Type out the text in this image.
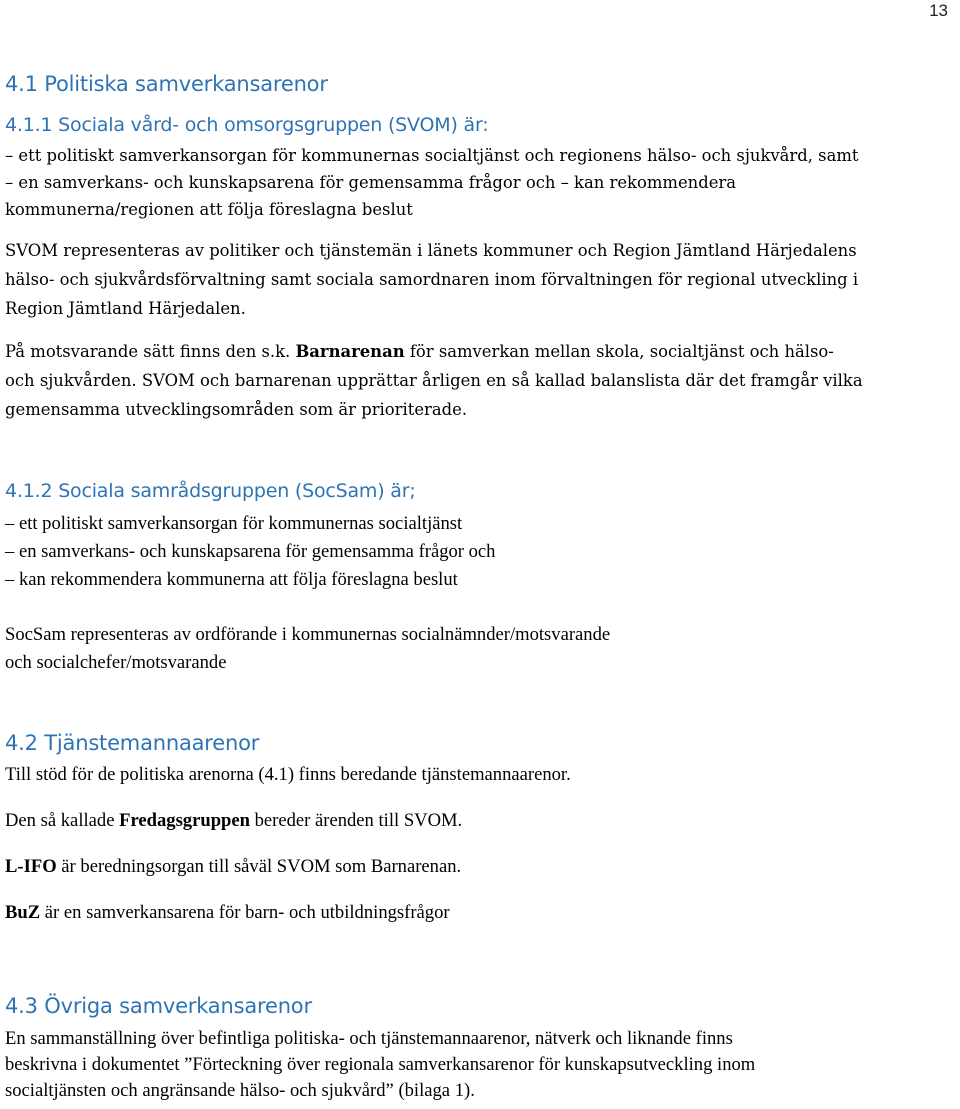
13
4.1 Politiska samverkansarenor
4.1.1 Sociala vård- och omsorgsgruppen (SVOM) är:
– ett politiskt samverkansorgan för kommunernas socialtjänst och regionens hälso- och sjukvård, samt
– en samverkans- och kunskapsarena för gemensamma frågor och – kan rekommendera
kommunerna/regionen att följa föreslagna beslut
SVOM representeras av politiker och tjänstemän i länets kommuner och Region Jämtland Härjedalens
hälso- och sjukvårdsförvaltning samt sociala samordnaren inom förvaltningen för regional utveckling i
Region Jämtland Härjedalen.
På motsvarande sätt finns den s.k. Barnarenan för samverkan mellan skola, socialtjänst och hälso-
och sjukvården. SVOM och barnarenan upprättar årligen en så kallad balanslista där det framgår vilka
gemensamma utvecklingsområden som är prioriterade.
4.1.2 Sociala samrådsgruppen (SocSam) är;
– ett politiskt samverkansorgan för kommunernas socialtjänst
– en samverkans- och kunskapsarena för gemensamma frågor och
– kan rekommendera kommunerna att följa föreslagna beslut
SocSam representeras av ordförande i kommunernas socialnämnder/motsvarande
och socialchefer/motsvarande
4.2 Tjänstemannaarenor
Till stöd för de politiska arenorna (4.1) finns beredande tjänstemannaarenor.
Den så kallade Fredagsgruppen bereder ärenden till SVOM.
L-IFO är beredningsorgan till såväl SVOM som Barnarenan.
BuZ är en samverkansarena för barn- och utbildningsfrågor
4.3 Övriga samverkansarenor
En sammanställning över befintliga politiska- och tjänstemannaarenor, nätverk och liknande finns
beskrivna i dokumentet ”Förteckning över regionala samverkansarenor för kunskapsutveckling inom
socialtjänsten och angränsande hälso- och sjukvård” (bilaga 1).
